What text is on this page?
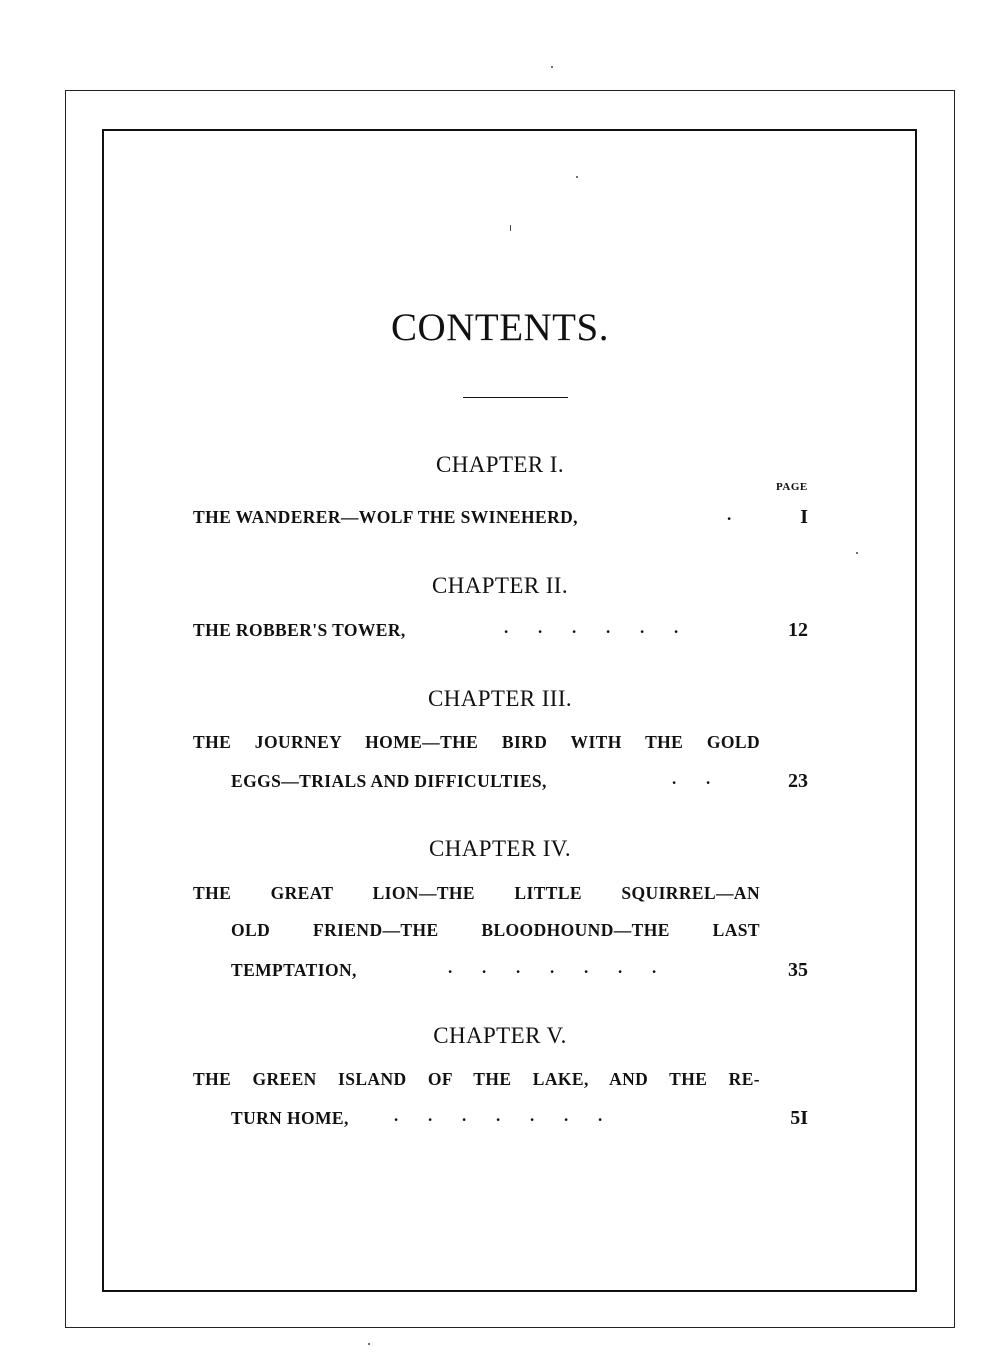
CONTENTS.
CHAPTER I.
PAGE
THE WANDERER—WOLF THE SWINEHERD,	.	I
CHAPTER II.
THE ROBBER'S TOWER,	.       .       .       .       .       .	12
CHAPTER III.
THE JOURNEY HOME—THE BIRD WITH THE GOLD
EGGS—TRIALS AND DIFFICULTIES,	.       .	23
CHAPTER IV.
THE GREAT LION—THE LITTLE SQUIRREL—AN
OLD FRIEND—THE BLOODHOUND—THE LAST
TEMPTATION,	.       .       .       .       .       .       .	35
CHAPTER V.
THE GREEN ISLAND OF THE LAKE, AND THE RE-
TURN HOME,	.       .       .       .       .       .       .	5I
